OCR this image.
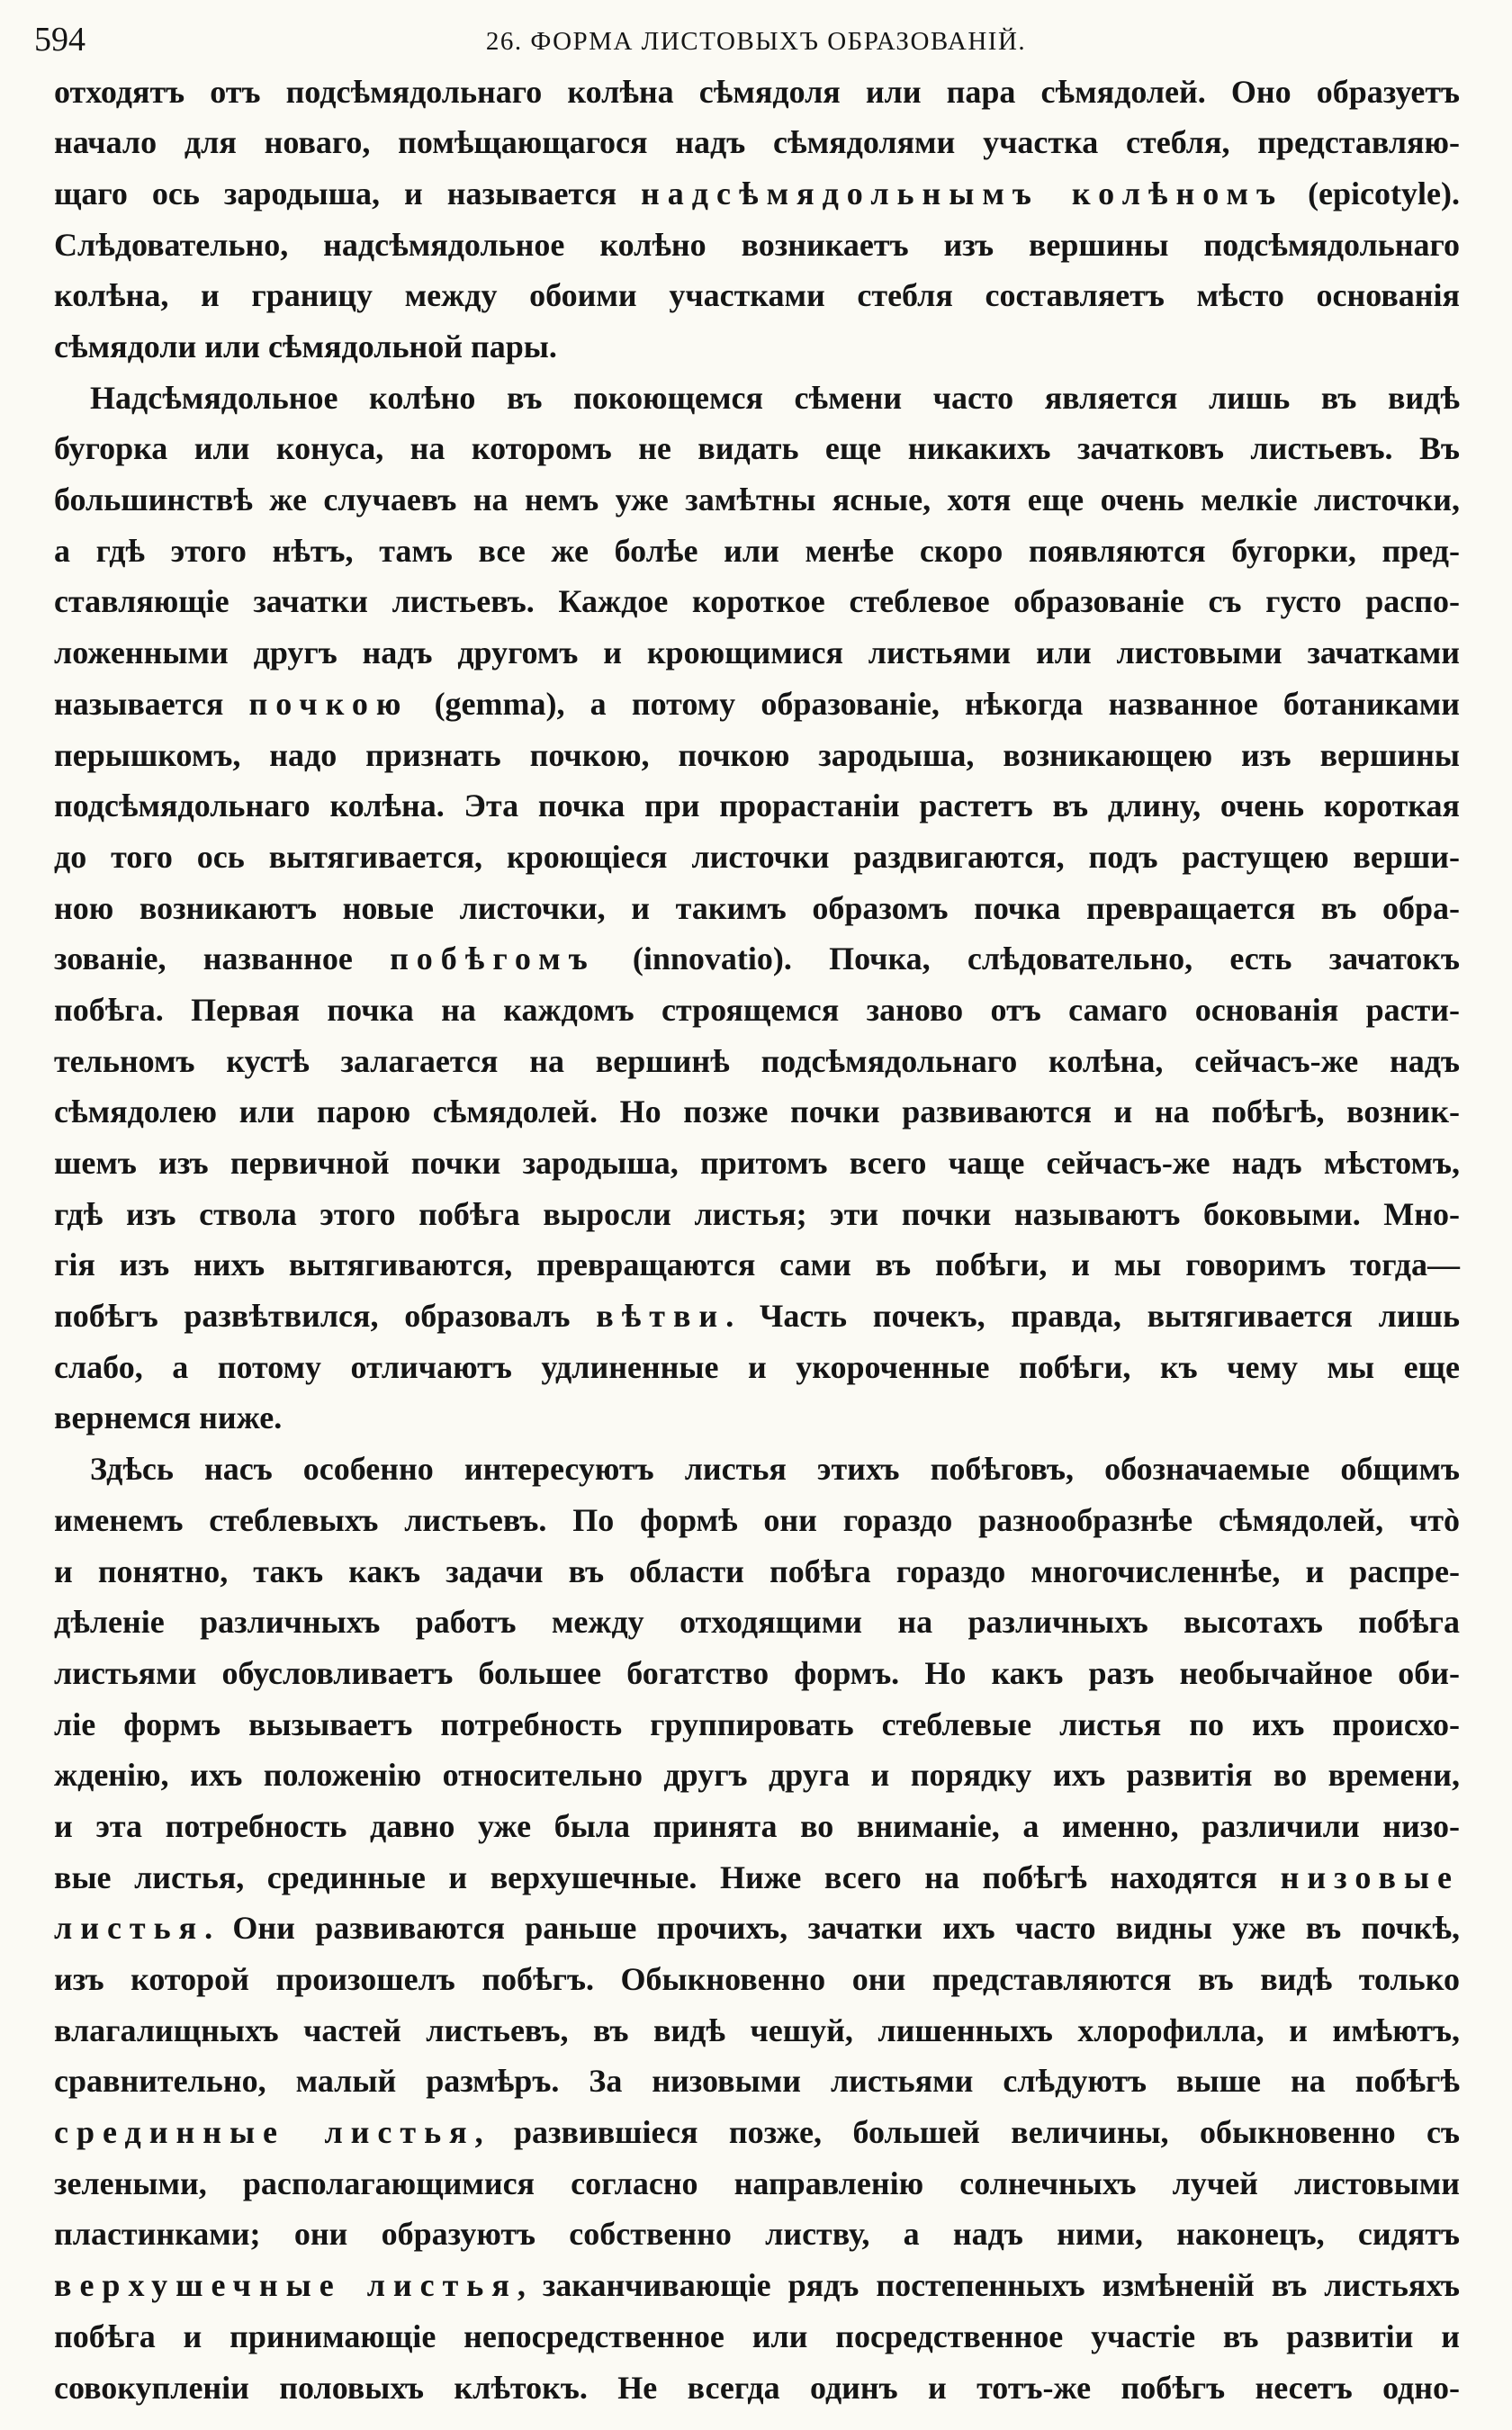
594	26. ФОРМА ЛИСТОВЫХЪ ОБРАЗОВАНІЙ.
отходятъ отъ подсѣмядольнаго колѣна сѣмядоля или пара сѣмядолей. Оно образуетъ
начало для новаго, помѣщающагося надъ сѣмядолями участка стебля, представляю-
щаго ось зародыша, и называется надсѣмядольнымъ колѣномъ (epicotyle).
Слѣдовательно, надсѣмядольное колѣно возникаетъ изъ вершины подсѣмядольнаго
колѣна, и границу между обоими участками стебля составляетъ мѣсто основанія
сѣмядоли или сѣмядольной пары.
Надсѣмядольное колѣно въ покоющемся сѣмени часто является лишь въ видѣ
бугорка или конуса, на которомъ не видать еще никакихъ зачатковъ листьевъ. Въ
большинствѣ же случаевъ на немъ уже замѣтны ясные, хотя еще очень мелкіе листочки,
а гдѣ этого нѣтъ, тамъ все же болѣе или менѣе скоро появляются бугорки, пред-
ставляющіе зачатки листьевъ. Каждое короткое стеблевое образованіе съ густо распо-
ложенными другъ надъ другомъ и кроющимися листьями или листовыми зачатками
называется почкою (gemma), а потому образованіе, нѣкогда названное ботаниками
перышкомъ, надо признать почкою, почкою зародыша, возникающею изъ вершины
подсѣмядольнаго колѣна. Эта почка при прорастаніи растетъ въ длину, очень короткая
до того ось вытягивается, кроющіеся листочки раздвигаются, подъ растущею верши-
ною возникаютъ новые листочки, и такимъ образомъ почка превращается въ обра-
зованіе, названное побѣгомъ (innovatio). Почка, слѣдовательно, есть зачатокъ
побѣга. Первая почка на каждомъ строящемся заново отъ самаго основанія расти-
тельномъ кустѣ залагается на вершинѣ подсѣмядольнаго колѣна, сейчасъ-же надъ
сѣмядолею или парою сѣмядолей. Но позже почки развиваются и на побѣгѣ, возник-
шемъ изъ первичной почки зародыша, притомъ всего чаще сейчасъ-же надъ мѣстомъ,
гдѣ изъ ствола этого побѣга выросли листья; эти почки называютъ боковыми. Мно-
гія изъ нихъ вытягиваются, превращаются сами въ побѣги, и мы говоримъ тогда—
побѣгъ развѣтвился, образовалъ вѣтви. Часть почекъ, правда, вытягивается лишь
слабо, а потому отличаютъ удлиненные и укороченные побѣги, къ чему мы еще
вернемся ниже.
Здѣсь насъ особенно интересуютъ листья этихъ побѣговъ, обозначаемые общимъ
именемъ стеблевыхъ листьевъ. По формѣ они гораздо разнообразнѣе сѣмядолей, чтò
и понятно, такъ какъ задачи въ области побѣга гораздо многочисленнѣе, и распре-
дѣленіе различныхъ работъ между отходящими на различныхъ высотахъ побѣга
листьями обусловливаетъ большее богатство формъ. Но какъ разъ необычайное оби-
ліе формъ вызываетъ потребность группировать стеблевые листья по ихъ происхо-
жденію, ихъ положенію относительно другъ друга и порядку ихъ развитія во времени,
и эта потребность давно уже была принята во вниманіе, а именно, различили низо-
вые листья, срединные и верхушечные. Ниже всего на побѣгѣ находятся низовые
листья. Они развиваются раньше прочихъ, зачатки ихъ часто видны уже въ почкѣ,
изъ которой произошелъ побѣгъ. Обыкновенно они представляются въ видѣ только
влагалищныхъ частей листьевъ, въ видѣ чешуй, лишенныхъ хлорофилла, и имѣютъ,
сравнительно, малый размѣръ. За низовыми листьями слѣдуютъ выше на побѣгѣ
срединные листья, развившіеся позже, большей величины, обыкновенно съ
зелеными, располагающимися согласно направленію солнечныхъ лучей листовыми
пластинками; они образуютъ собственно листву, а надъ ними, наконецъ, сидятъ
верхушечные листья, заканчивающіе рядъ постепенныхъ измѣненій въ листьяхъ
побѣга и принимающіе непосредственное или посредственное участіе въ развитіи и
совокупленіи половыхъ клѣтокъ. Не всегда одинъ и тотъ-же побѣгъ несетъ одно-
